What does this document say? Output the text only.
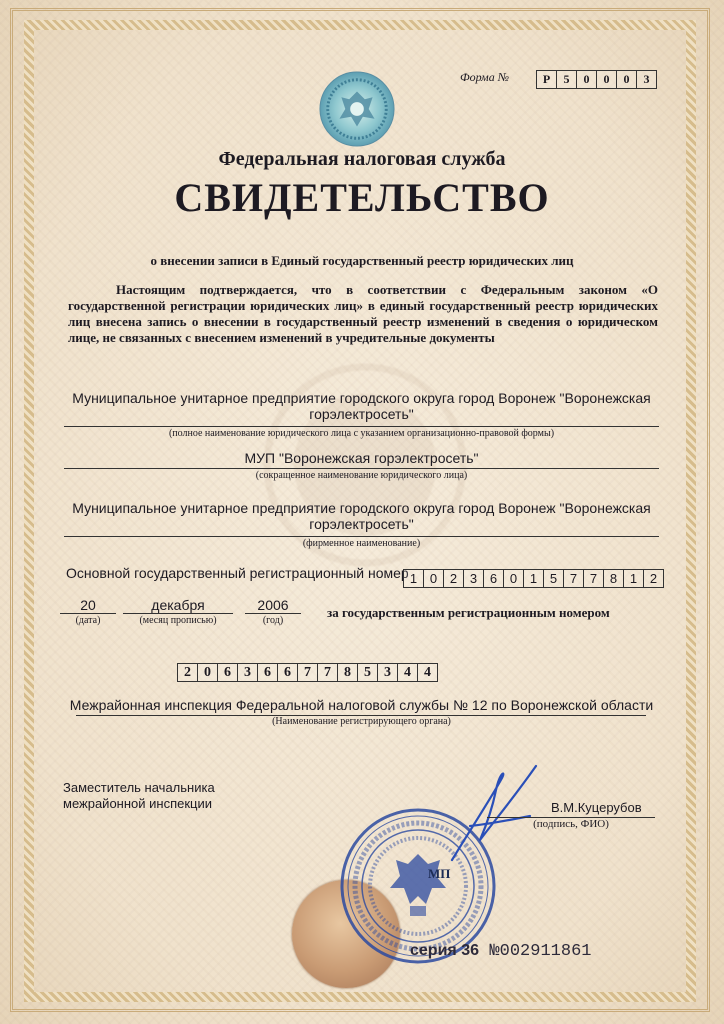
Форма №	Р	5	0	0	0	3
Федеральная налоговая служба
СВИДЕТЕЛЬСТВО
о внесении записи в Единый государственный реестр юридических лиц
Настоящим подтверждается, что в соответствии с Федеральным законом «О государственной регистрации юридических лиц» в единый государственный реестр юридических лиц внесена запись о внесении в государственный реестр изменений в сведения о юридическом лице, не связанных с внесением изменений в учредительные документы
Муниципальное унитарное предприятие городского округа город Воронеж "Воронежская
горэлектросеть"
(полное наименование юридического лица с указанием организационно-правовой формы)
МУП "Воронежская горэлектросеть"
(сокращенное наименование юридического лица)
Муниципальное унитарное предприятие городского округа город Воронеж "Воронежская
горэлектросеть"
(фирменное наименование)
Основной государственный регистрационный номер 1 0 2 3 6 0 1 5 7 7 8 1 2
20
(дата)
декабря
(месяц прописью)
2006
(год)
за государственным регистрационным номером
2 0 6 3 6 6 7 7 8 5 3 4 4
Межрайонная инспекция Федеральной налоговой службы № 12 по Воронежской области
(Наименование регистрирующего органа)
Заместитель начальника
межрайонной инспекции	В.М.Куцерубов
(подпись, ФИО)
МП
серия 36 №002911861
